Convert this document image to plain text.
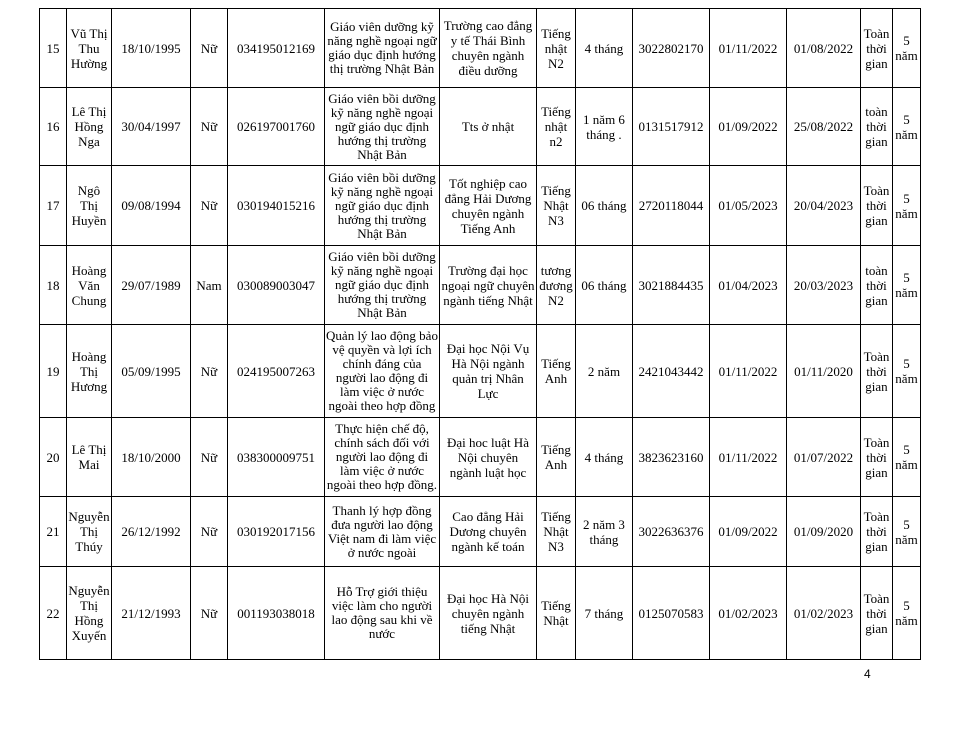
15	Vũ Thị Thu Hường	18/10/1995	Nữ	034195012169	Giáo viên dưỡng kỹ năng nghề ngoại ngữ giáo dục định hướng thị trường Nhật Bản	Trường cao đẳng y tế Thái Bình chuyên ngành điều dưỡng	Tiếng nhật N2	4 tháng	3022802170	01/11/2022	01/08/2022	Toàn thời gian	5 năm
16	Lê Thị Hồng Nga	30/04/1997	Nữ	026197001760	Giáo viên bồi dưỡng kỹ năng nghề ngoại ngữ giáo dục định hướng thị trường Nhật Bản	Tts ở nhật	Tiếng nhật n2	1 năm 6 tháng .	0131517912	01/09/2022	25/08/2022	toàn thời gian	5 năm
17	Ngô Thị Huyền	09/08/1994	Nữ	030194015216	Giáo viên bồi dưỡng kỹ năng nghề ngoại ngữ giáo dục định hướng thị trường Nhật Bản	Tốt nghiệp cao đẳng Hải Dương chuyên ngành Tiếng Anh	Tiếng Nhật N3	06 tháng	2720118044	01/05/2023	20/04/2023	Toàn thời gian	5 năm
18	Hoàng Văn Chung	29/07/1989	Nam	030089003047	Giáo viên bồi dưỡng kỹ năng nghề ngoại ngữ giáo dục định hướng thị trường Nhật Bản	Trường đại học ngoại ngữ chuyên ngành tiếng Nhật	tương đương N2	06 tháng	3021884435	01/04/2023	20/03/2023	toàn thời gian	5 năm
19	Hoàng Thị Hương	05/09/1995	Nữ	024195007263	Quản lý lao động bảo vệ quyền và lợi ích chính đáng của người lao động đi làm việc ở nước ngoài theo hợp đồng	Đại học Nội Vụ Hà Nội ngành quản trị Nhân Lực	Tiếng Anh	2 năm	2421043442	01/11/2022	01/11/2020	Toàn thời gian	5 năm
20	Lê Thị Mai	18/10/2000	Nữ	038300009751	Thực hiện chế độ, chính sách đối với người lao động đi làm việc ở nước ngoài theo hợp đồng.	Đại hoc luật Hà Nội chuyên ngành luật học	Tiếng Anh	4 tháng	3823623160	01/11/2022	01/07/2022	Toàn thời gian	5 năm
21	Nguyễn Thị Thúy	26/12/1992	Nữ	030192017156	Thanh lý hợp đồng đưa người lao động Việt nam đi làm việc ở nước ngoài	Cao đẳng Hải Dương chuyên ngành kế toán	Tiếng Nhật N3	2 năm 3 tháng	3022636376	01/09/2022	01/09/2020	Toàn thời gian	5 năm
22	Nguyễn Thị Hồng Xuyến	21/12/1993	Nữ	001193038018	Hỗ Trợ giới thiệu việc làm cho người lao động sau khi về nước	Đại học Hà Nội chuyên ngành tiếng Nhật	Tiếng Nhật	7 tháng	0125070583	01/02/2023	01/02/2023	Toàn thời gian	5 năm
4
